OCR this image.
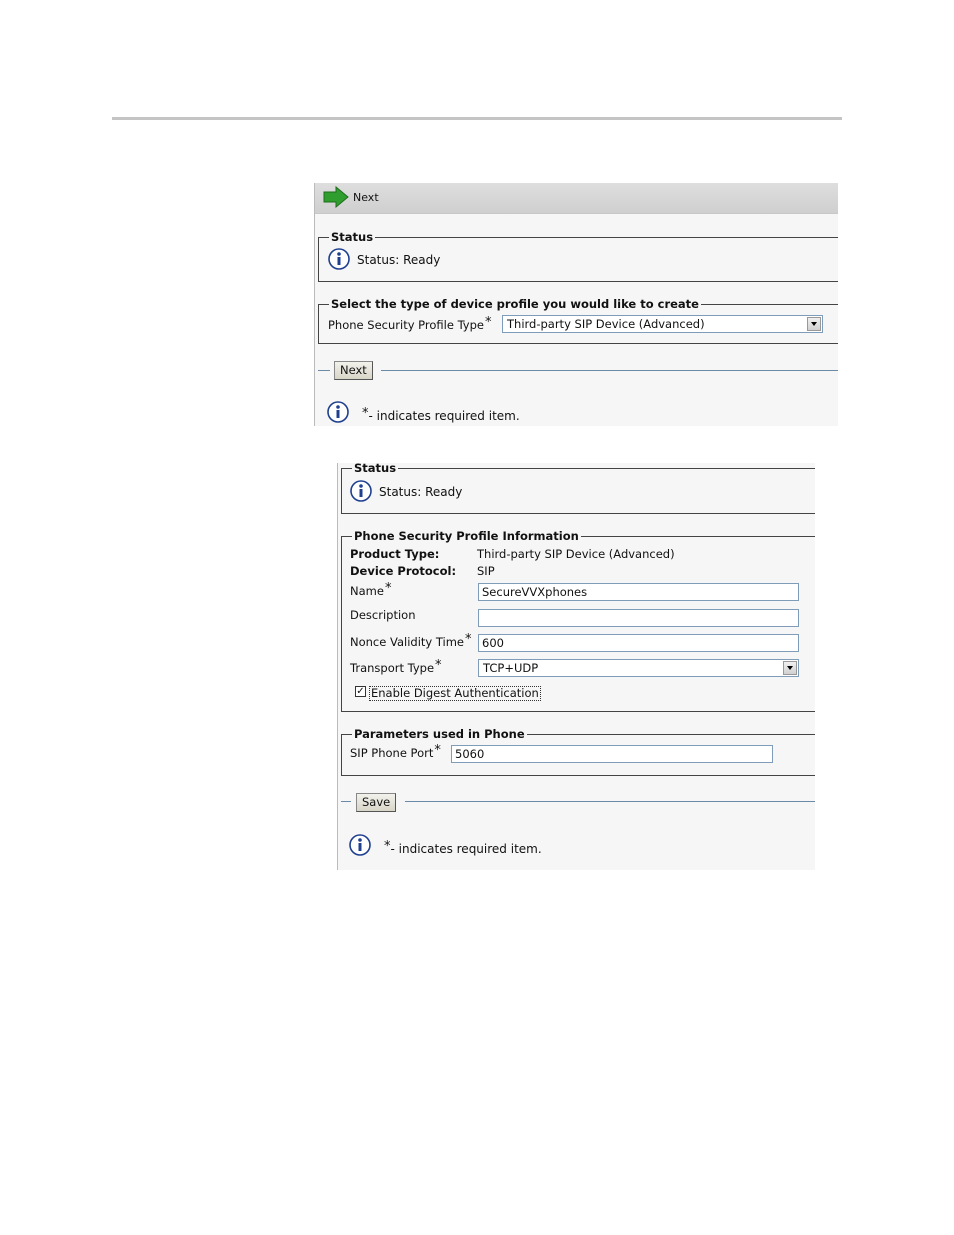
Next
Status
Status: Ready
Select the type of device profile you would like to create
Phone Security Profile Type*	Third-party SIP Device (Advanced)
Next
*- indicates required item.
Status
Status: Ready
Phone Security Profile Information
Product Type:	Third-party SIP Device (Advanced)
Device Protocol: SIP
Name*	SecureVVXphones
Description
Nonce Validity Time* 600
Transport Type*	TCP+UDP
✓ Enable Digest Authentication
Parameters used in Phone
SIP Phone Port*	5060
Save
*- indicates required item.
